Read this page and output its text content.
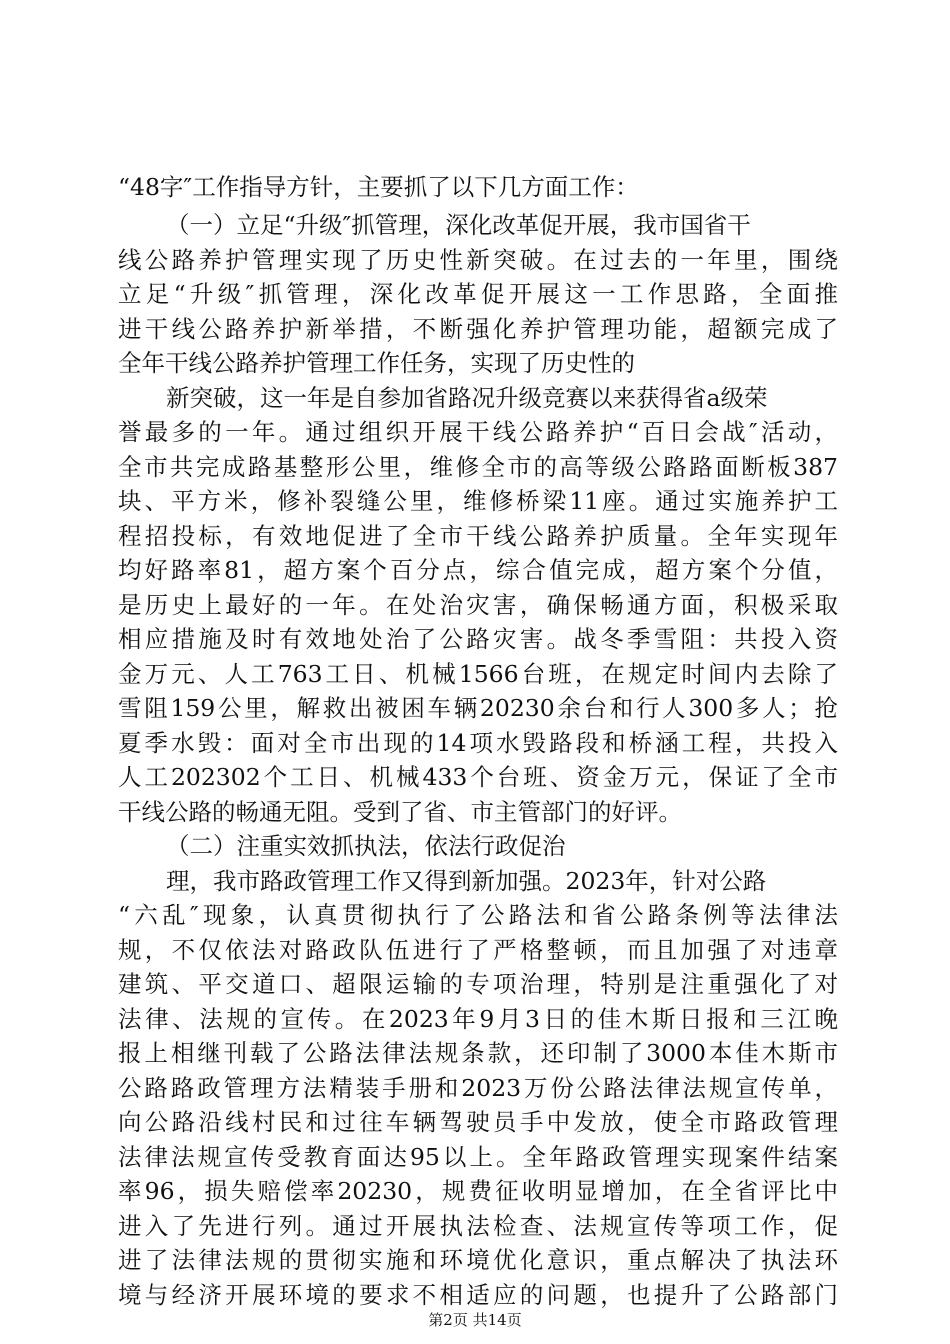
“48字″工作指导方针，主要抓了以下几方面工作：
（一）立足“升级″抓管理，深化改革促开展，我市国省干
线公路养护管理实现了历史性新突破。在过去的一年里，围绕
立足“升级″抓管理，深化改革促开展这一工作思路，全面推
进干线公路养护新举措，不断强化养护管理功能，超额完成了
全年干线公路养护管理工作任务，实现了历史性的
新突破，这一年是自参加省路况升级竞赛以来获得省a级荣
誉最多的一年。通过组织开展干线公路养护“百日会战″活动，
全市共完成路基整形公里，维修全市的高等级公路路面断板387
块、平方米，修补裂缝公里，维修桥梁11座。通过实施养护工
程招投标，有效地促进了全市干线公路养护质量。全年实现年
均好路率81，超方案个百分点，综合值完成，超方案个分值，
是历史上最好的一年。在处治灾害，确保畅通方面，积极采取
相应措施及时有效地处治了公路灾害。战冬季雪阻：共投入资
金万元、人工763工日、机械1566台班，在规定时间内去除了
雪阻159公里，解救出被困车辆20230余台和行人300多人；抢
夏季水毁：面对全市出现的14项水毁路段和桥涵工程，共投入
人工202302个工日、机械433个台班、资金万元，保证了全市
干线公路的畅通无阻。受到了省、市主管部门的好评。
（二）注重实效抓执法，依法行政促治
理，我市路政管理工作又得到新加强。2023年，针对公路
“六乱″现象，认真贯彻执行了公路法和省公路条例等法律法
规，不仅依法对路政队伍进行了严格整顿，而且加强了对违章
建筑、平交道口、超限运输的专项治理，特别是注重强化了对
法律、法规的宣传。在2023年9月3日的佳木斯日报和三江晚
报上相继刊载了公路法律法规条款，还印制了3000本佳木斯市
公路路政管理方法精装手册和2023万份公路法律法规宣传单，
向公路沿线村民和过往车辆驾驶员手中发放，使全市路政管理
法律法规宣传受教育面达95以上。全年路政管理实现案件结案
率96，损失赔偿率20230，规费征收明显增加，在全省评比中
进入了先进行列。通过开展执法检查、法规宣传等项工作，促
进了法律法规的贯彻实施和环境优化意识，重点解决了执法环
境与经济开展环境的要求不相适应的问题，也提升了公路部门
第2页 共14页
